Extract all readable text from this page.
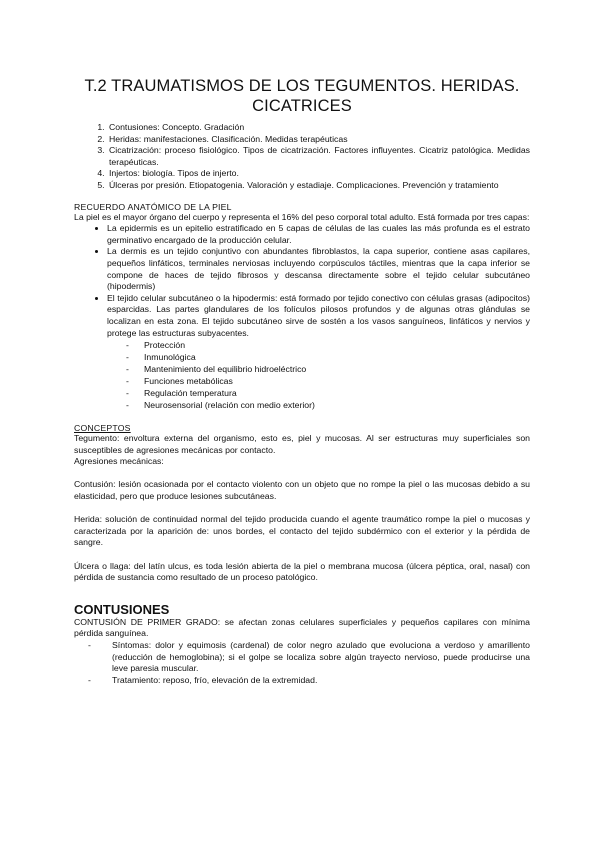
T.2 TRAUMATISMOS DE LOS TEGUMENTOS. HERIDAS. CICATRICES
1. Contusiones: Concepto. Gradación
2. Heridas: manifestaciones. Clasificación. Medidas terapéuticas
3. Cicatrización: proceso fisiológico. Tipos de cicatrización. Factores influyentes. Cicatriz patológica. Medidas terapéuticas.
4. Injertos: biología. Tipos de injerto.
5. Úlceras por presión. Etiopatogenia. Valoración y estadiaje. Complicaciones. Prevención y tratamiento
RECUERDO ANATÓMICO DE LA PIEL

La piel es el mayor órgano del cuerpo y representa el 16% del peso corporal total adulto. Está formada por tres capas:

• La epidermis es un epitelio estratificado en 5 capas de células de las cuales las más profunda es el estrato germinativo encargado de la producción celular.
• La dermis es un tejido conjuntivo con abundantes fibroblastos, la capa superior, contiene asas capilares, pequeños linfáticos, terminales nerviosas incluyendo corpúsculos táctiles, mientras que la capa inferior se compone de haces de tejido fibrosos y descansa directamente sobre el tejido celular subcutáneo (hipodermis)
• El tejido celular subcutáneo o la hipodermis: está formado por tejido conectivo con células grasas (adipocitos) esparcidas. Las partes glandulares de los folículos pilosos profundos y de algunas otras glándulas se localizan en esta zona. El tejido subcutáneo sirve de sostén a los vasos sanguíneos, linfáticos y nervios y protege las estructuras subyacentes.
- Protección
- Inmunológica
- Mantenimiento del equilibrio hidroeléctrico
- Funciones metabólicas
- Regulación temperatura
- Neurosensorial (relación con medio exterior)
CONCEPTOS

Tegumento: envoltura externa del organismo, esto es, piel y mucosas. Al ser estructuras muy superficiales son susceptibles de agresiones mecánicas por contacto.

Agresiones mecánicas:

Contusión: lesión ocasionada por el contacto violento con un objeto que no rompe la piel o las mucosas debido a su elasticidad, pero que produce lesiones subcutáneas.

Herida: solución de continuidad normal del tejido producida cuando el agente traumático rompe la piel o mucosas y caracterizada por la aparición de: unos bordes, el contacto del tejido subdérmico con el exterior y la pérdida de sangre.

Úlcera o llaga: del latín ulcus, es toda lesión abierta de la piel o membrana mucosa (úlcera péptica, oral, nasal) con pérdida de sustancia como resultado de un proceso patológico.

CONTUSIONES

CONTUSIÓN DE PRIMER GRADO: se afectan zonas celulares superficiales y pequeños capilares con mínima pérdida sanguínea.

- Síntomas: dolor y equimosis (cardenal) de color negro azulado que evoluciona a verdoso y amarillento (reducción de hemoglobina); si el golpe se localiza sobre algún trayecto nervioso, puede producirse una leve paresia muscular.
- Tratamiento: reposo, frío, elevación de la extremidad.
